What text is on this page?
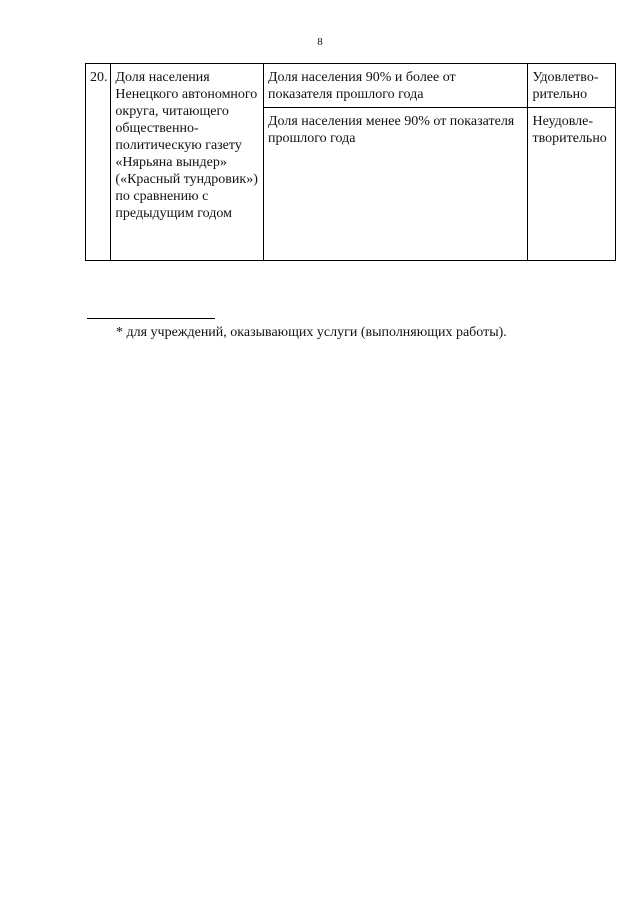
8
20.	Доля населения Ненецкого автономного округа, читающего общественно-политическую газету «Нярьяна вындер» («Красный тундровик») по сравнению с предыдущим годом	Доля населения 90% и более от показателя прошлого года	Удовлетво-рительно
		Доля населения менее 90% от показателя прошлого года	Неудовле-творительно
* для учреждений, оказывающих услуги (выполняющих работы).
